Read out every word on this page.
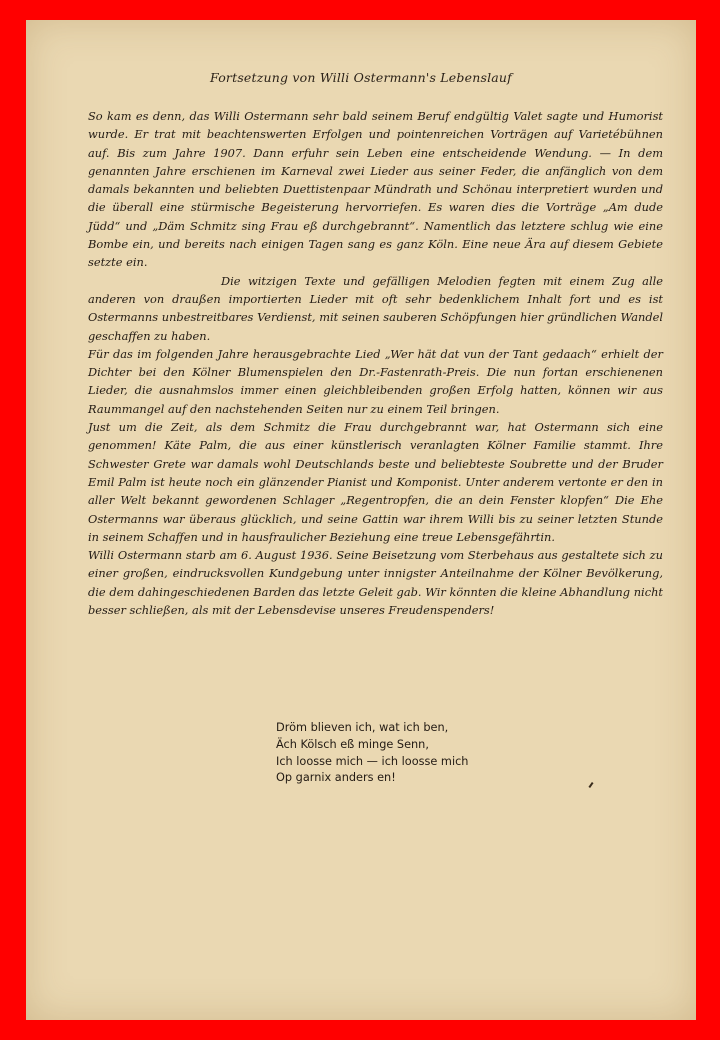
Fortsetzung von Willi Ostermann's Lebenslauf

So kam es denn, das Willi Ostermann sehr bald seinem Beruf endgültig Valet sagte und Humorist wurde. Er trat mit beachtenswerten Erfolgen und pointenreichen Vorträgen auf Varietébühnen auf. Bis zum Jahre 1907. Dann erfuhr sein Leben eine entscheidende Wendung. — In dem genannten Jahre erschienen im Karneval zwei Lieder aus seiner Feder, die anfänglich von dem damals bekannten und beliebten Duettistenpaar Mündrath und Schönau interpretiert wurden und die überall eine stürmische Begeisterung hervorriefen. Es waren dies die Vorträge „Am dude Jüdd“ und „Däm Schmitz sing Frau eß durchgebrannt“. Namentlich das letztere schlug wie eine Bombe ein, und bereits nach einigen Tagen sang es ganz Köln. Eine neue Ära auf diesem Gebiete setzte ein.

Die witzigen Texte und gefälligen Melodien fegten mit einem Zug alle anderen von draußen importierten Lieder mit oft sehr bedenklichem Inhalt fort und es ist Ostermanns unbestreitbares Verdienst, mit seinen sauberen Schöpfungen hier gründlichen Wandel geschaffen zu haben.

Für das im folgenden Jahre herausgebrachte Lied „Wer hät dat vun der Tant gedaach“ erhielt der Dichter bei den Kölner Blumenspielen den Dr.-Fastenrath-Preis. Die nun fortan erschienenen Lieder, die ausnahmslos immer einen gleichbleibenden großen Erfolg hatten, können wir aus Raummangel auf den nachstehenden Seiten nur zu einem Teil bringen.

Just um die Zeit, als dem Schmitz die Frau durchgebrannt war, hat Ostermann sich eine genommen! Käte Palm, die aus einer künstlerisch veranlagten Kölner Familie stammt. Ihre Schwester Grete war damals wohl Deutschlands beste und beliebteste Soubrette und der Bruder Emil Palm ist heute noch ein glänzender Pianist und Komponist. Unter anderem vertonte er den in aller Welt bekannt gewordenen Schlager „Regentropfen, die an dein Fenster klopfen“ Die Ehe Ostermanns war überaus glücklich, und seine Gattin war ihrem Willi bis zu seiner letzten Stunde in seinem Schaffen und in hausfraulicher Beziehung eine treue Lebensgefährtin.

Willi Ostermann starb am 6. August 1936. Seine Beisetzung vom Sterbehaus aus gestaltete sich zu einer großen, eindrucksvollen Kundgebung unter innigster Anteilnahme der Kölner Bevölkerung, die dem dahingeschiedenen Barden das letzte Geleit gab. Wir könnten die kleine Abhandlung nicht besser schließen, als mit der Lebensdevise unseres Freudenspenders!

Dröm blieven ich, wat ich ben,
Äch Kölsch eß minge Senn,
Ich loosse mich — ich loosse mich
Op garnix anders en!
